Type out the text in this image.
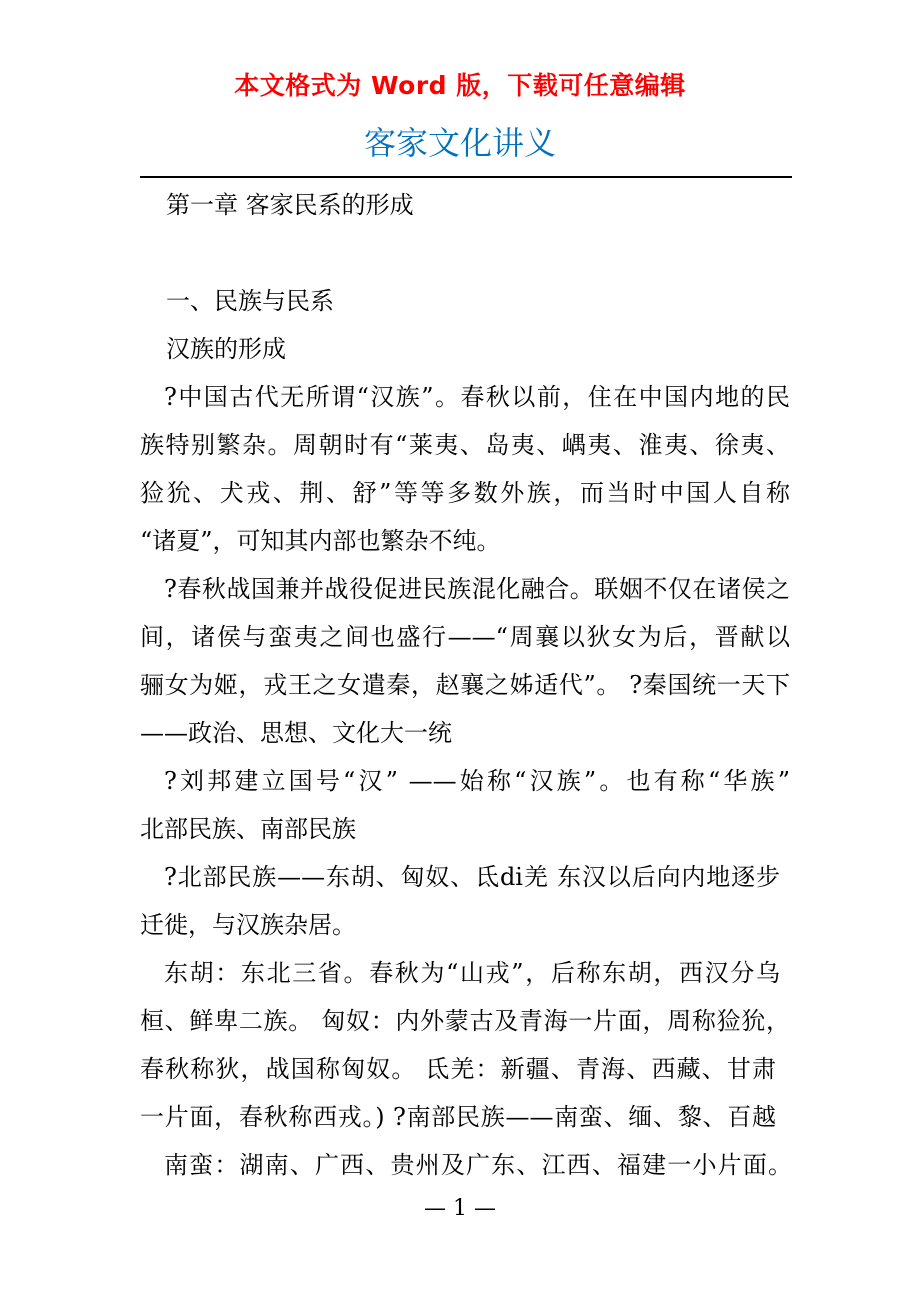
本文格式为 Word 版，下载可任意编辑
客家文化讲义
第一章 客家民系的形成
一、民族与民系
汉族的形成
?中国古代无所谓“汉族”。春秋以前，住在中国内地的民
族特别繁杂。周朝时有“莱夷、岛夷、嵎夷、淮夷、徐夷、
猃狁、犬戎、荆、舒”等等多数外族，而当时中国人自称
“诸夏”，可知其内部也繁杂不纯。
?春秋战国兼并战役促进民族混化融合。联姻不仅在诸侯之
间，诸侯与蛮夷之间也盛行——“周襄以狄女为后，晋献以
骊女为姬，戎王之女遣秦，赵襄之姊适代”。 ?秦国统一天下
——政治、思想、文化大一统
?刘邦建立国号“汉” ——始称“汉族”。也有称“华族”
北部民族、南部民族
?北部民族——东胡、匈奴、氐di羌 东汉以后向内地逐步
迁徙，与汉族杂居。
东胡：东北三省。春秋为“山戎”，后称东胡，西汉分乌
桓、鲜卑二族。 匈奴：内外蒙古及青海一片面，周称猃狁，
春秋称狄，战国称匈奴。 氐羌：新疆、青海、西藏、甘肃
一片面，春秋称西戎。) ?南部民族——南蛮、缅、黎、百越
南蛮：湖南、广西、贵州及广东、江西、福建一小片面。
— 1 —
